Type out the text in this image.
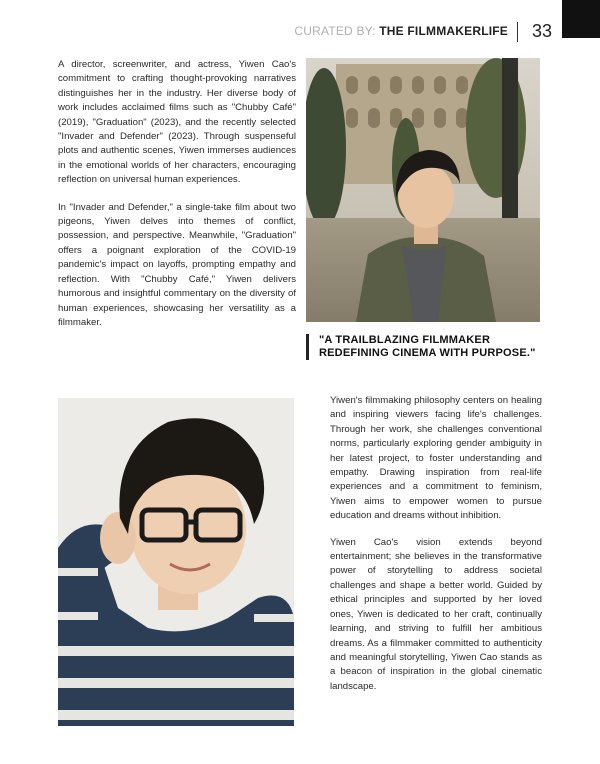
CURATED BY: THE FILMMAKERLIFE 33

A director, screenwriter, and actress, Yiwen Cao's commitment to crafting thought-provoking narratives distinguishes her in the industry. Her diverse body of work includes acclaimed films such as "Chubby Café" (2019), "Graduation" (2023), and the recently selected "Invader and Defender" (2023). Through suspenseful plots and authentic scenes, Yiwen immerses audiences in the emotional worlds of her characters, encouraging reflection on universal human experiences.

In "Invader and Defender," a single-take film about two pigeons, Yiwen delves into themes of conflict, possession, and perspective. Meanwhile, "Graduation" offers a poignant exploration of the COVID-19 pandemic's impact on layoffs, prompting empathy and reflection. With "Chubby Café," Yiwen delivers humorous and insightful commentary on the diversity of human experiences, showcasing her versatility as a filmmaker.

"A TRAILBLAZING FILMMAKER REDEFINING CINEMA WITH PURPOSE."

Yiwen's filmmaking philosophy centers on healing and inspiring viewers facing life's challenges. Through her work, she challenges conventional norms, particularly exploring gender ambiguity in her latest project, to foster understanding and empathy. Drawing inspiration from real-life experiences and a commitment to feminism, Yiwen aims to empower women to pursue education and dreams without inhibition.

Yiwen Cao's vision extends beyond entertainment; she believes in the transformative power of storytelling to address societal challenges and shape a better world. Guided by ethical principles and supported by her loved ones, Yiwen is dedicated to her craft, continually learning, and striving to fulfill her ambitious dreams. As a filmmaker committed to authenticity and meaningful storytelling, Yiwen Cao stands as a beacon of inspiration in the global cinematic landscape.
